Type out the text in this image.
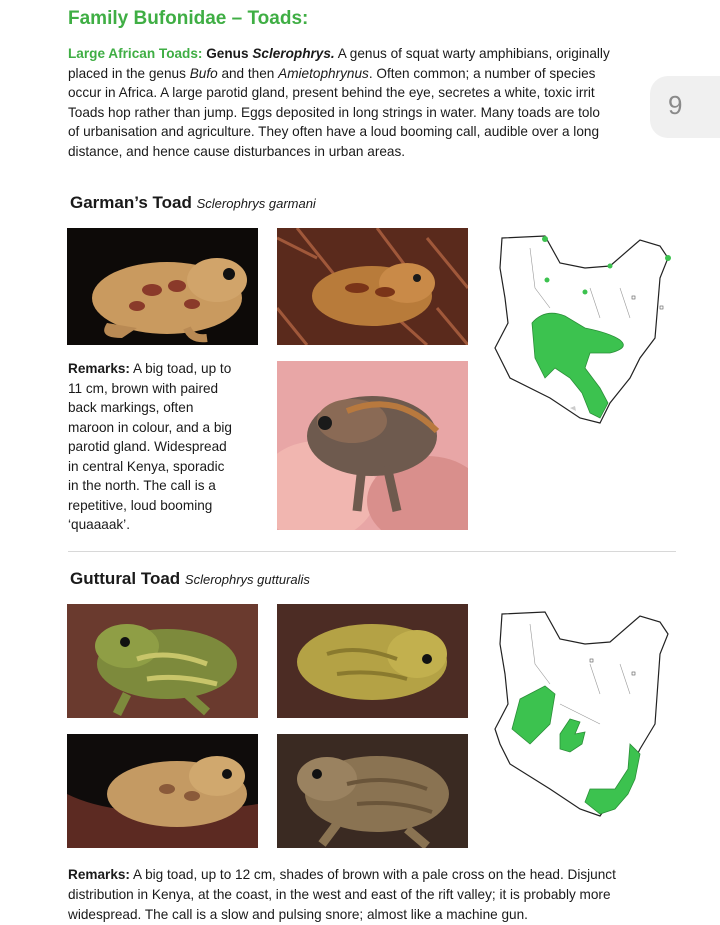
Family Bufonidae – Toads:
Large African Toads: Genus Sclerophrys. A genus of squat warty amphibians, originally
placed in the genus Bufo and then Amietophrynus. Often common; a number of species
occur in Africa. A large parotid gland, present behind the eye, secretes a white, toxic irrit
Toads hop rather than jump. Eggs deposited in long strings in water. Many toads are tolo
of urbanisation and agriculture. They often have a loud booming call, audible over a long
distance, and hence cause disturbances in urban areas.
9
Garman’s Toad Sclerophrys garmani
Remarks: A big toad, up to
11 cm, brown with paired
back markings, often
maroon in colour, and a big
parotid gland. Widespread
in central Kenya, sporadic
in the north. The call is a
repetitive, loud booming
‘quaaaak’.
Guttural Toad Sclerophrys gutturalis
Remarks: A big toad, up to 12 cm, shades of brown with a pale cross on the head. Disjunct
distribution in Kenya, at the coast, in the west and east of the rift valley; it is probably more
widespread. The call is a slow and pulsing snore; almost like a machine gun.
